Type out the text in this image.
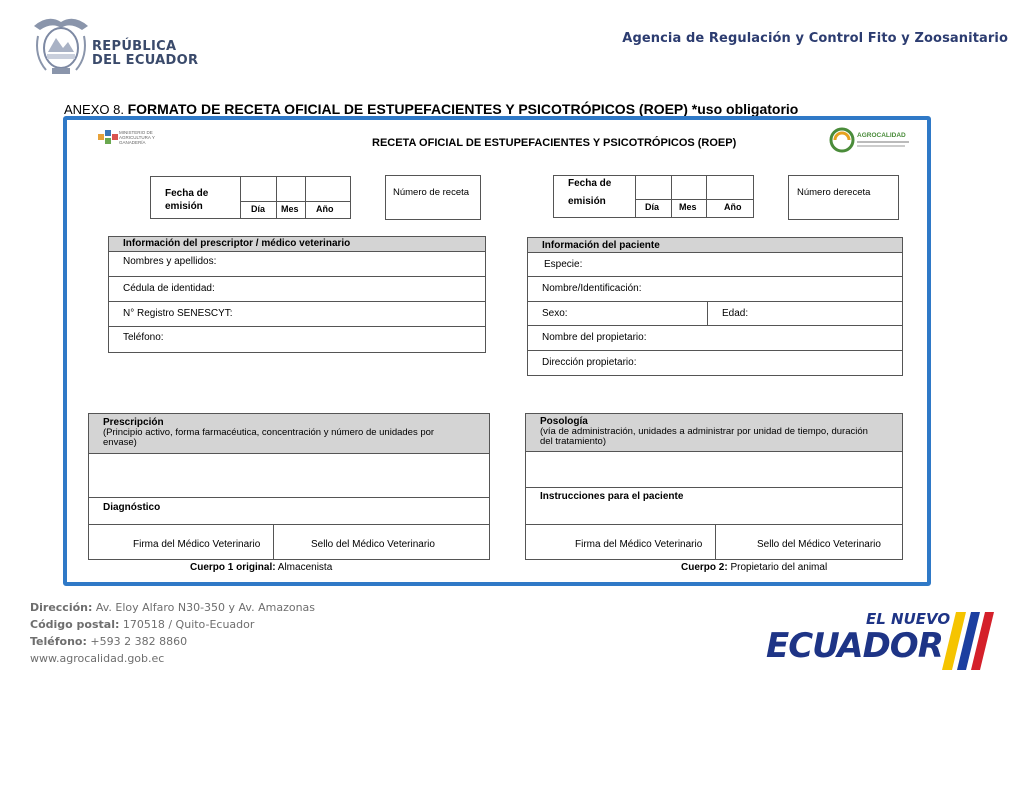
REPÚBLICA
DEL ECUADOR
Agencia de Regulación y Control Fito y Zoosanitario
ANEXO 8. FORMATO DE RECETA OFICIAL DE ESTUPEFACIENTES Y PSICOTRÓPICOS (ROEP) *uso obligatorio
MINISTERIO DE AGRICULTURA Y GANADERÍA	RECETA OFICIAL DE ESTUPEFACIENTES Y PSICOTRÓPICOS (ROEP)
AGROCALIDAD
Fecha de emisión	Día Mes Año
Número de receta
Fecha de
emisión	Día Mes	Año
Número dereceta
Información del prescriptor / médico veterinario
Nombres y apellidos:
Cédula de identidad:
N° Registro SENESCYT:
Teléfono:
Información del paciente
Especie:
Nombre/Identificación:
Sexo:	Edad:
Nombre del propietario:
Dirección propietario:
Prescripción
(Principio activo, forma farmacéutica, concentración y número de unidades por envase)
Diagnóstico
Firma del Médico Veterinario	Sello del Médico Veterinario
Cuerpo 1 original: Almacenista
Posología
(vía de administración, unidades a administrar por unidad de tiempo, duración del tratamiento)
Instrucciones para el paciente
Firma del Médico Veterinario	Sello del Médico Veterinario
Cuerpo 2: Propietario del animal
Dirección: Av. Eloy Alfaro N30-350 y Av. Amazonas
Código postal: 170518 / Quito-Ecuador
Teléfono: +593 2 382 8860
www.agrocalidad.gob.ec
EL NUEVO
ECUADOR
